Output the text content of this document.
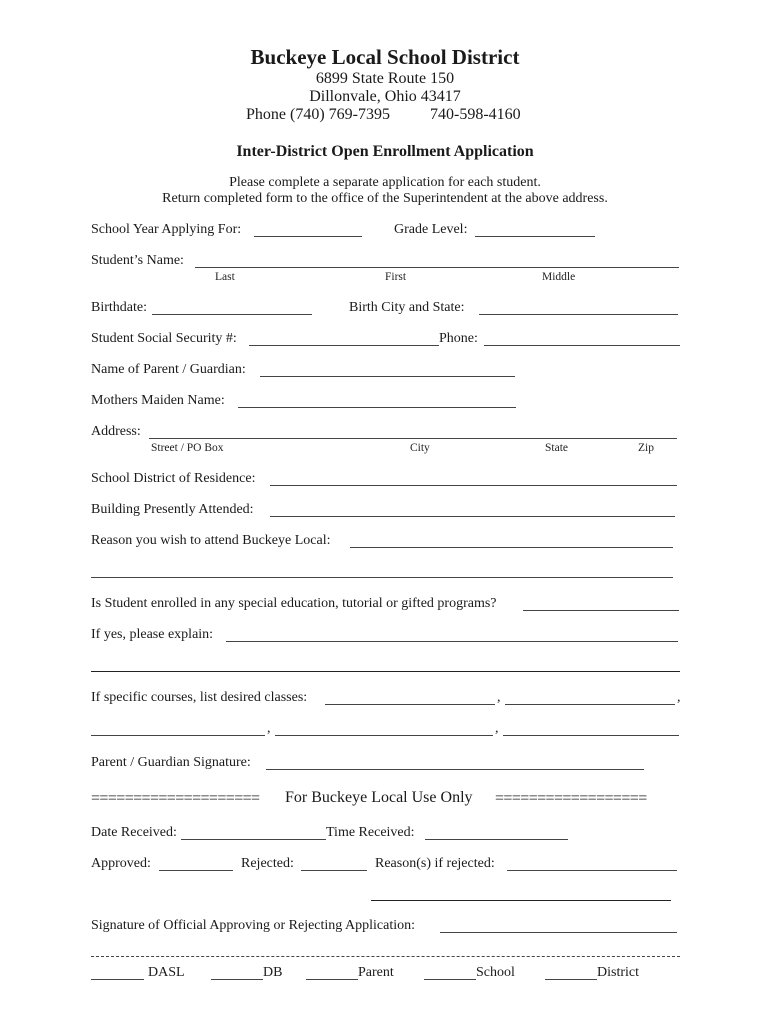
Buckeye Local School District
6899 State Route 150
Dillonvale, Ohio 43417
Phone (740) 769-7395	740-598-4160
Inter-District Open Enrollment Application
Please complete a separate application for each student.
Return completed form to the office of the Superintendent at the above address.
School Year Applying For:	Grade Level:
Student’s Name:
Last	First	Middle
Birthdate:	Birth City and State:
Student Social Security #:	Phone:
Name of Parent / Guardian:
Mothers Maiden Name:
Address:
Street / PO Box	City	State	Zip
School District of Residence:
Building Presently Attended:
Reason you wish to attend Buckeye Local:
Is Student enrolled in any special education, tutorial or gifted programs?
If yes, please explain:
If specific courses, list desired classes:	,	,
,	,
Parent / Guardian Signature:
==================== For Buckeye Local Use Only ==================
Date Received:	Time Received:
Approved:	Rejected:	Reason(s) if rejected:
Signature of Official Approving or Rejecting Application:
DASL	DB	Parent	School	District
